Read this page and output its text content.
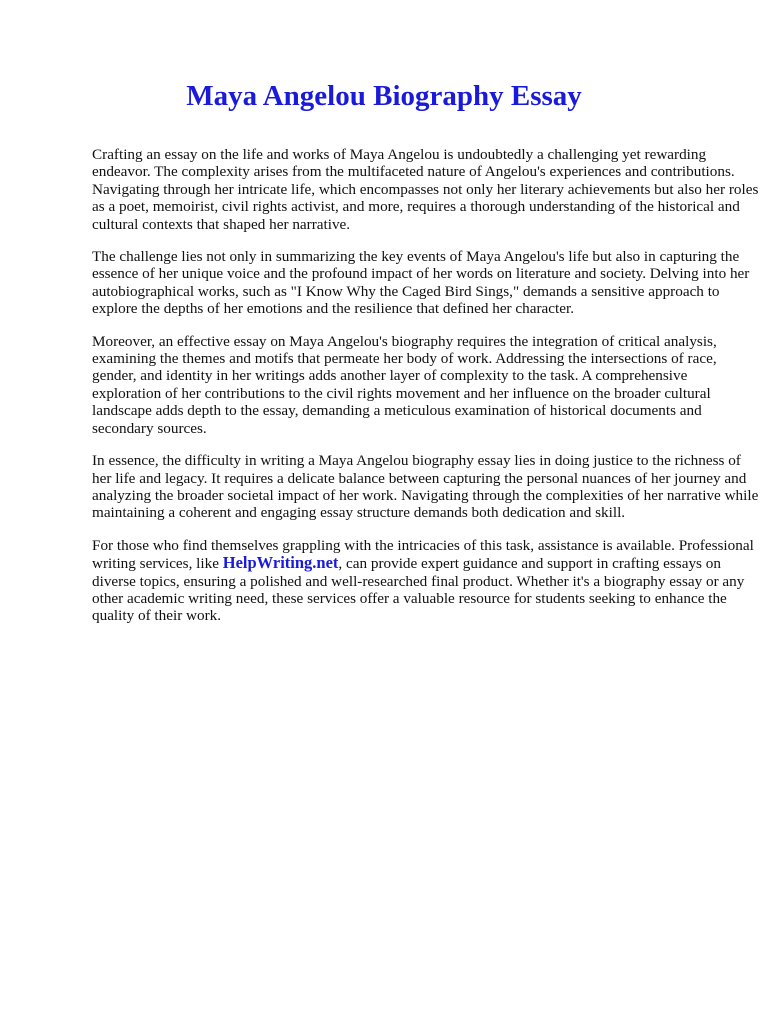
Maya Angelou Biography Essay

Crafting an essay on the life and works of Maya Angelou is undoubtedly a challenging yet rewarding endeavor. The complexity arises from the multifaceted nature of Angelou's experiences and contributions. Navigating through her intricate life, which encompasses not only her literary achievements but also her roles as a poet, memoirist, civil rights activist, and more, requires a thorough understanding of the historical and cultural contexts that shaped her narrative.

The challenge lies not only in summarizing the key events of Maya Angelou's life but also in capturing the essence of her unique voice and the profound impact of her words on literature and society. Delving into her autobiographical works, such as "I Know Why the Caged Bird Sings," demands a sensitive approach to explore the depths of her emotions and the resilience that defined her character.

Moreover, an effective essay on Maya Angelou's biography requires the integration of critical analysis, examining the themes and motifs that permeate her body of work. Addressing the intersections of race, gender, and identity in her writings adds another layer of complexity to the task. A comprehensive exploration of her contributions to the civil rights movement and her influence on the broader cultural landscape adds depth to the essay, demanding a meticulous examination of historical documents and secondary sources.

In essence, the difficulty in writing a Maya Angelou biography essay lies in doing justice to the richness of her life and legacy. It requires a delicate balance between capturing the personal nuances of her journey and analyzing the broader societal impact of her work. Navigating through the complexities of her narrative while maintaining a coherent and engaging essay structure demands both dedication and skill.

For those who find themselves grappling with the intricacies of this task, assistance is available. Professional writing services, like HelpWriting.net, can provide expert guidance and support in crafting essays on diverse topics, ensuring a polished and well-researched final product. Whether it's a biography essay or any other academic writing need, these services offer a valuable resource for students seeking to enhance the quality of their work.
